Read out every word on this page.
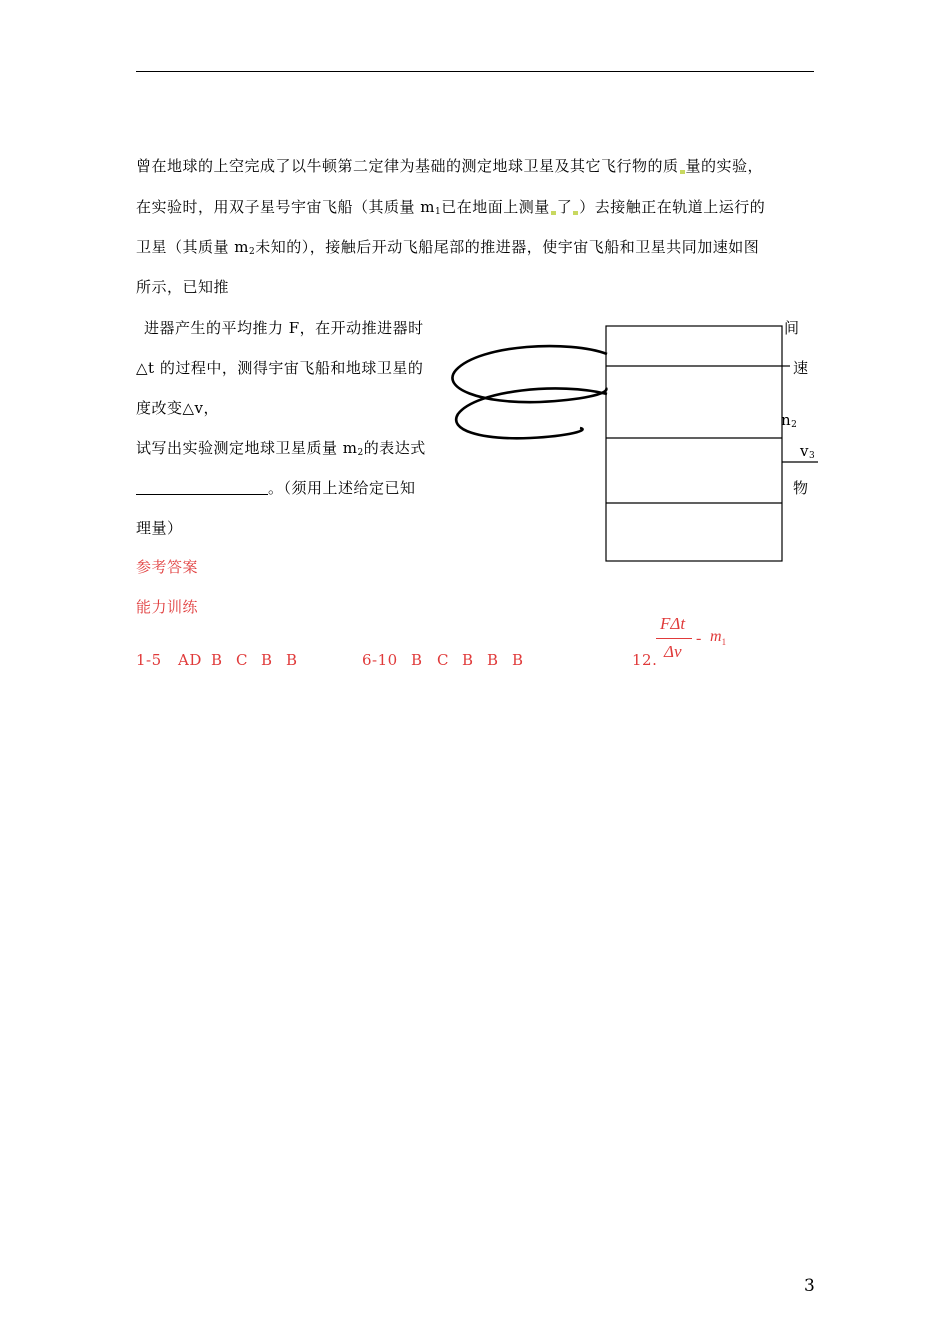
曾在地球的上空完成了以牛顿第二定律为基础的测定地球卫星及其它飞行物的质 量的实验，
在实验时，用双子星号宇宙飞船（其质量 $m_1$已在地面上测量 了 ）去接触正在轨道上运行的
卫星（其质量 $m_2$未知的），接触后开动飞船尾部的推进器，使宇宙飞船和卫星共同加速如图
所示，已知推
进器产生的平均推力 F，在开动推进器时
△t 的过程中，测得宇宙飞船和地球卫星的
度改变△v，
试写出实验测定地球卫星质量 $m_2$的表达式
。（须用上述给定已知
理量）
间
速
$n_2$
$v_3$
物
参考答案
能力训练
1-5 AD B C B B	6-10 B C B B B	12.
FΔt
Δv
- $m_1$
3
